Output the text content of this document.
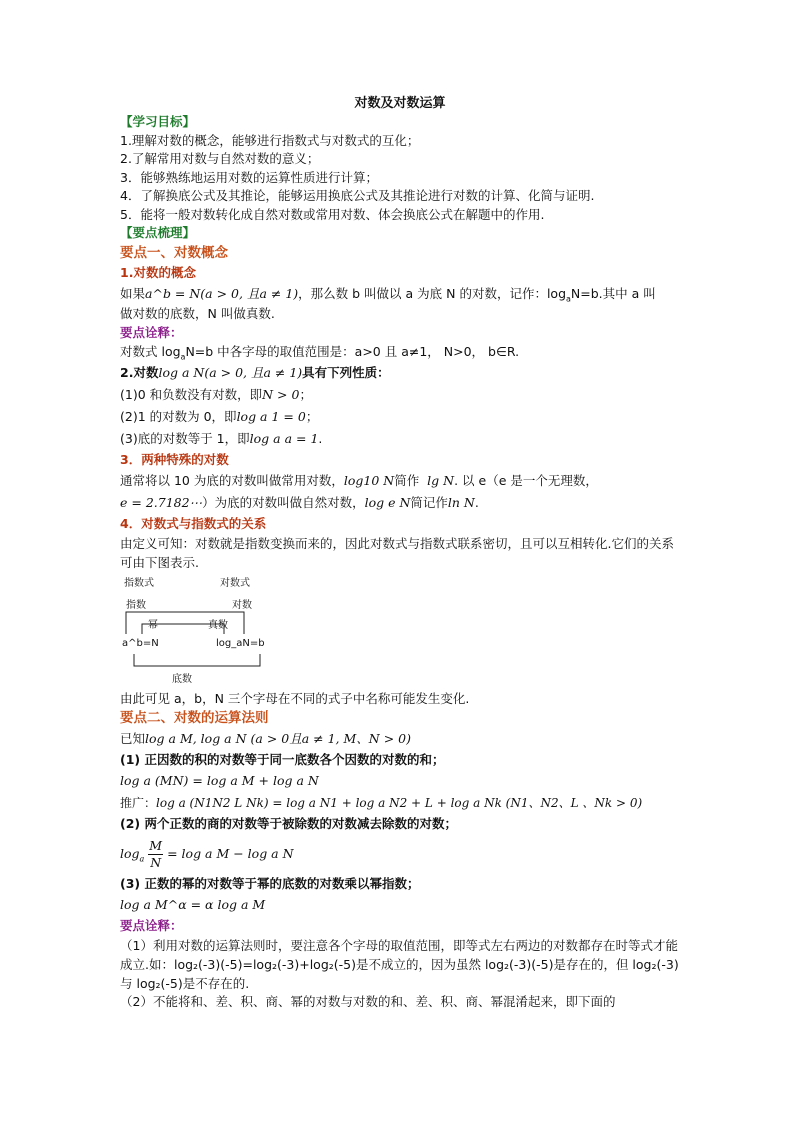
对数及对数运算
【学习目标】
1.理解对数的概念，能够进行指数式与对数式的互化；
2.了解常用对数与自然对数的意义；
3．能够熟练地运用对数的运算性质进行计算；
4．了解换底公式及其推论，能够运用换底公式及其推论进行对数的计算、化简与证明.
5．能将一般对数转化成自然对数或常用对数、体会换底公式在解题中的作用.
【要点梳理】
要点一、对数概念
1.对数的概念
如果a^b = N(a > 0, 且a ≠ 1)，那么数 b 叫做以 a 为底 N 的对数，记作：$\log_aN=b$.其中 a 叫
做对数的底数，N 叫做真数.
要点诠释：
对数式 $\log_aN=b$ 中各字母的取值范围是：a>0 且 a≠1， N>0， b∈R.
2.对数log a N(a > 0, 且a ≠ 1)具有下列性质：
(1)0 和负数没有对数，即N > 0；
(2)1 的对数为 0，即log a 1 = 0；
(3)底的对数等于 1，即log a a = 1.
3．两种特殊的对数
通常将以 10 为底的对数叫做常用对数，log10 N简作 lg N. 以 e（e 是一个无理数，
e = 2.7182⋯）为底的对数叫做自然对数，log e N简记作ln N.
4．对数式与指数式的关系
由定义可知：对数就是指数变换而来的，因此对数式与指数式联系密切，且可以互相转化.它们的关系可由下图表示.
指数式	对数式
指数	对数
幂	真数
a^b=N	log_aN=b
底数
由此可见 a，b，N 三个字母在不同的式子中名称可能发生变化.
要点二、对数的运算法则
已知log a M, log a N (a > 0且a ≠ 1, M、N > 0)
(1) 正因数的积的对数等于同一底数各个因数的对数的和；
log a (MN) = log a M + log a N
推广：log a (N1N2 L Nk) = log a N1 + log a N2 + L + log a Nk (N1、N2、L 、Nk > 0)
(2) 两个正数的商的对数等于被除数的对数减去除数的对数；
$\log_a \frac{M}{N} = \log a$ M − log a N
(3) 正数的幂的对数等于幂的底数的对数乘以幂指数；
log a M^α = α log a M
要点诠释：
（1）利用对数的运算法则时，要注意各个字母的取值范围，即等式左右两边的对数都存在时等式才能成立.如：log₂(-3)(-5)=log₂(-3)+log₂(-5)是不成立的，因为虽然 log₂(-3)(-5)是存在的，但 log₂(-3)与 log₂(-5)是不存在的.
（2）不能将和、差、积、商、幂的对数与对数的和、差、积、商、幂混淆起来，即下面的
